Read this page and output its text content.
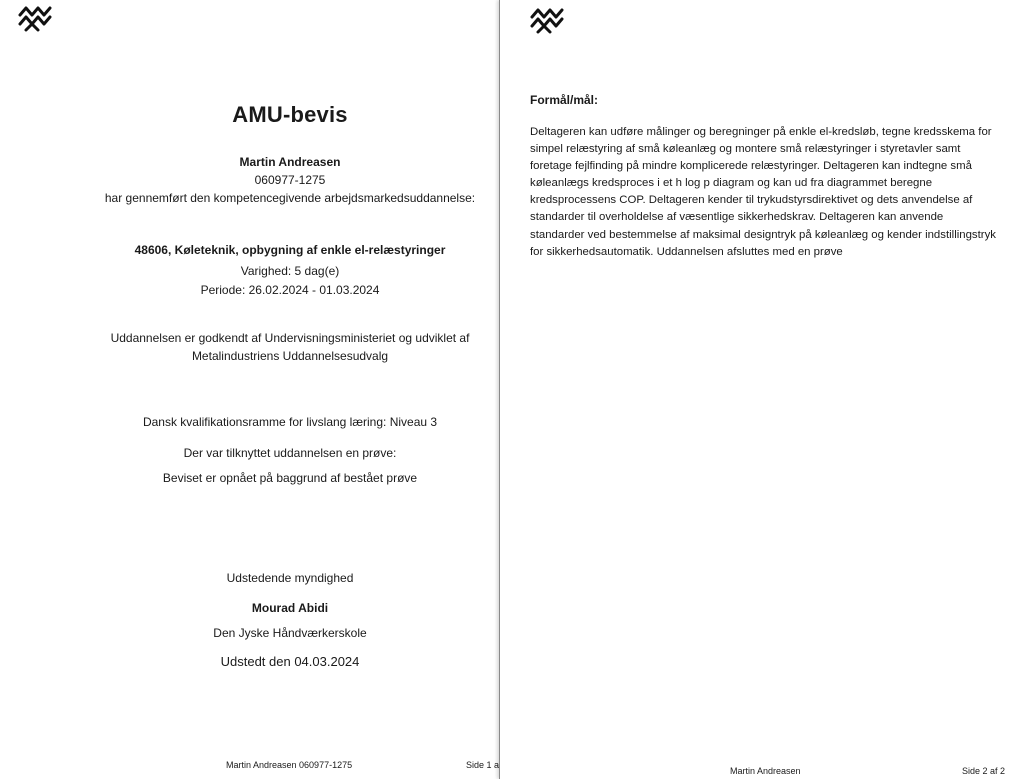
AMU-bevis
Martin Andreasen
060977-1275
har gennemført den kompetencegivende arbejdsmarkedsuddannelse:
48606, Køleteknik, opbygning af enkle el-relæstyringer
Varighed: 5 dag(e)
Periode: 26.02.2024 - 01.03.2024
Uddannelsen er godkendt af Undervisningsministeriet og udviklet af
Metalindustriens Uddannelsesudvalg
Dansk kvalifikationsramme for livslang læring: Niveau 3
Der var tilknyttet uddannelsen en prøve:
Beviset er opnået på baggrund af bestået prøve
Udstedende myndighed
Mourad Abidi
Den Jyske Håndværkerskole
Udstedt den 04.03.2024
Martin Andreasen 060977-1275	Side 1 a
Formål/mål:
Deltageren kan udføre målinger og beregninger på enkle el-kredsløb, tegne kredsskema for
simpel relæstyring af små køleanlæg og montere små relæstyringer i styretavler samt
foretage fejlfinding på mindre komplicerede relæstyringer. Deltageren kan indtegne små
køleanlægs kredsproces i et h log p diagram og kan ud fra diagrammet beregne
kredsprocessens COP. Deltageren kender til trykudstyrsdirektivet og dets anvendelse af
standarder til overholdelse af væsentlige sikkerhedskrav. Deltageren kan anvende
standarder ved bestemmelse af maksimal designtryk på køleanlæg og kender indstillingstryk
for sikkerhedsautomatik. Uddannelsen afsluttes med en prøve
Martin Andreasen	Side 2 af 2
